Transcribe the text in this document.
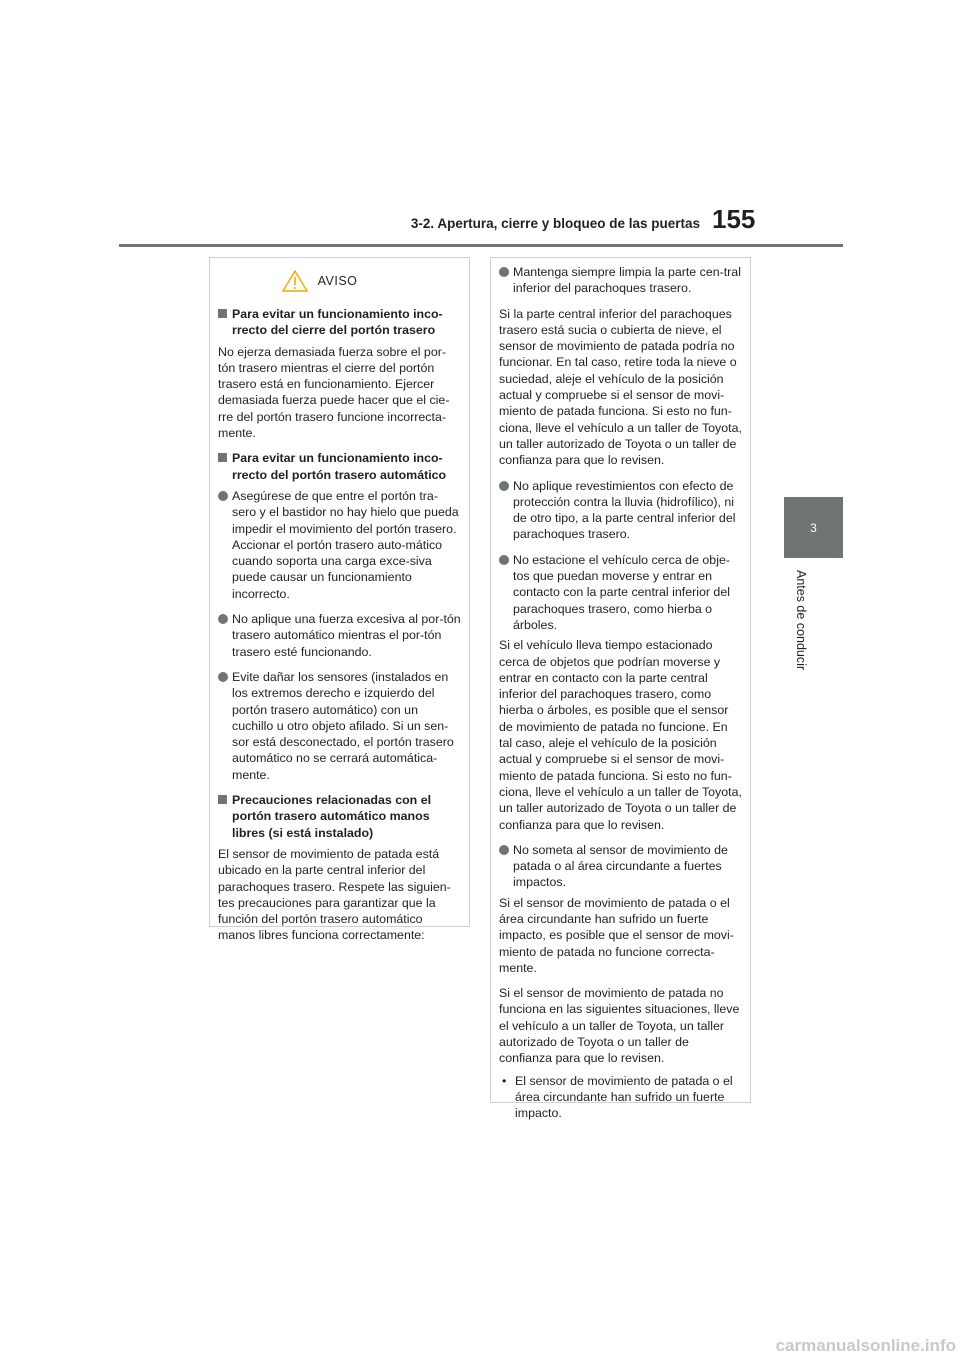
3-2. Apertura, cierre y bloqueo de las puertas 155
3
Antes de conducir
AVISO
Para evitar un funcionamiento inco-rrecto del cierre del portón trasero
No ejerza demasiada fuerza sobre el por-tón trasero mientras el cierre del portón trasero está en funcionamiento. Ejercer demasiada fuerza puede hacer que el cie-rre del portón trasero funcione incorrecta-mente.
Para evitar un funcionamiento inco-rrecto del portón trasero automático
Asegúrese de que entre el portón tra-sero y el bastidor no hay hielo que pueda impedir el movimiento del portón trasero. Accionar el portón trasero auto-mático cuando soporta una carga exce-siva puede causar un funcionamiento incorrecto.
No aplique una fuerza excesiva al por-tón trasero automático mientras el por-tón trasero esté funcionando.
Evite dañar los sensores (instalados en los extremos derecho e izquierdo del portón trasero automático) con un cuchillo u otro objeto afilado. Si un sen-sor está desconectado, el portón trasero automático no se cerrará automática-mente.
Precauciones relacionadas con el portón trasero automático manos libres (si está instalado)
El sensor de movimiento de patada está ubicado en la parte central inferior del parachoques trasero. Respete las siguien-tes precauciones para garantizar que la función del portón trasero automático manos libres funciona correctamente:
Mantenga siempre limpia la parte cen-tral inferior del parachoques trasero.
Si la parte central inferior del parachoques trasero está sucia o cubierta de nieve, el sensor de movimiento de patada podría no funcionar. En tal caso, retire toda la nieve o suciedad, aleje el vehículo de la posición actual y compruebe si el sensor de movi-miento de patada funciona. Si esto no fun-ciona, lleve el vehículo a un taller de Toyota, un taller autorizado de Toyota o un taller de confianza para que lo revisen.
No aplique revestimientos con efecto de protección contra la lluvia (hidrofílico), ni de otro tipo, a la parte central inferior del parachoques trasero.
No estacione el vehículo cerca de obje-tos que puedan moverse y entrar en contacto con la parte central inferior del parachoques trasero, como hierba o árboles.
Si el vehículo lleva tiempo estacionado cerca de objetos que podrían moverse y entrar en contacto con la parte central inferior del parachoques trasero, como hierba o árboles, es posible que el sensor de movimiento de patada no funcione. En tal caso, aleje el vehículo de la posición actual y compruebe si el sensor de movi-miento de patada funciona. Si esto no fun-ciona, lleve el vehículo a un taller de Toyota, un taller autorizado de Toyota o un taller de confianza para que lo revisen.
No someta al sensor de movimiento de patada o al área circundante a fuertes impactos.
Si el sensor de movimiento de patada o el área circundante han sufrido un fuerte impacto, es posible que el sensor de movi-miento de patada no funcione correcta-mente.
Si el sensor de movimiento de patada no funciona en las siguientes situaciones, lleve el vehículo a un taller de Toyota, un taller autorizado de Toyota o un taller de confianza para que lo revisen.
• El sensor de movimiento de patada o el área circundante han sufrido un fuerte impacto.
carmanualsonline.info
